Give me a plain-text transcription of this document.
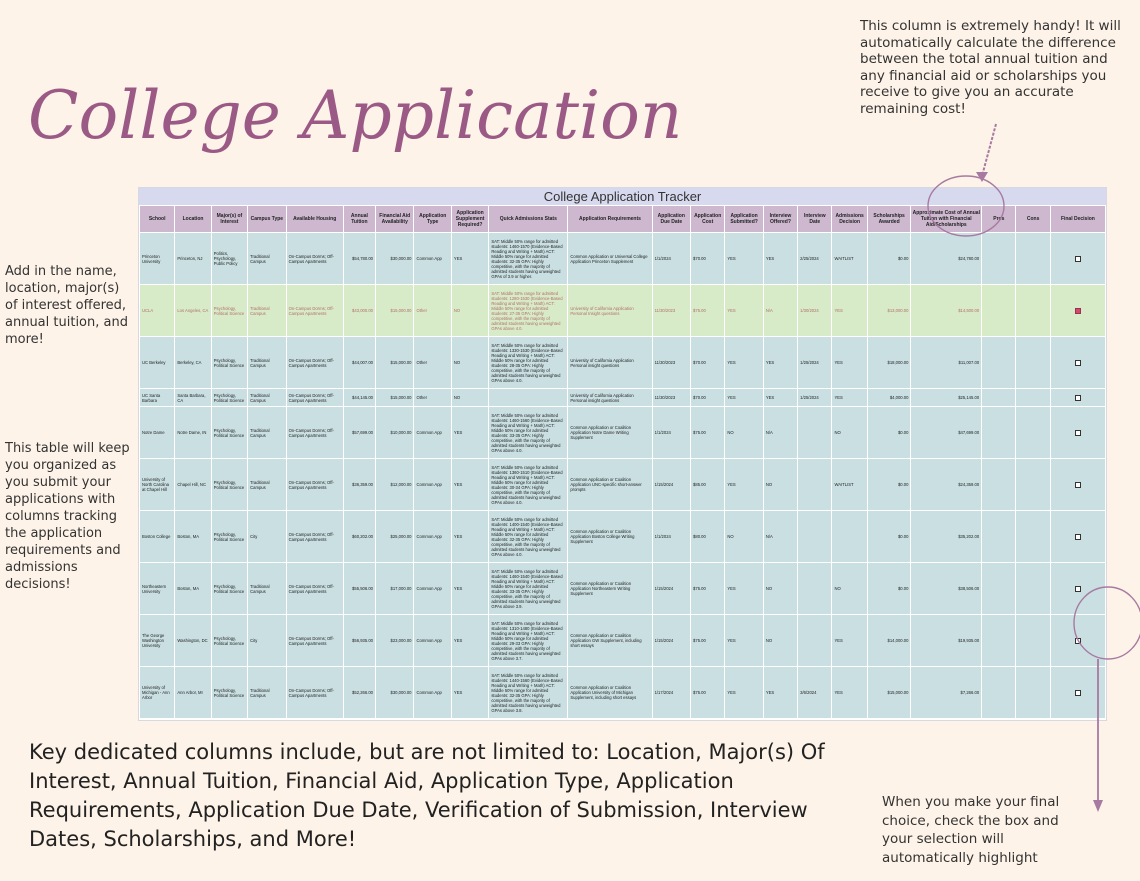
College Application
This column is extremely handy! It will automatically calculate the difference between the total annual tuition and any financial aid or scholarships you receive to give you an accurate remaining cost!
Add in the name, location, major(s) of interest offered, annual tuition, and more!
This table will keep you organized as you submit your applications with columns tracking the application requirements and admissions decisions!
Key dedicated columns include, but are not limited to: Location, Major(s) Of Interest, Annual Tuition, Financial Aid, Application Type, Application Requirements, Application Due Date, Verification of Submission, Interview Dates, Scholarships, and More!
When you make your final choice, check the box and your selection will automatically highlight
College Application Tracker
School	Location	Major(s) of Interest	Campus Type	Available Housing	Annual Tuition	Financial Aid Availability	Application Type	Application Supplement Required?	Quick Admissions Stats	Application Requirements	Application Due Date	Application Cost	Application Submitted?	Interview Offered?	Interview Date	Admissions Decision	Scholarships Awarded	Approximate Cost of Annual Tuition with Financial Aid/Scholarships	Pros	Cons	Final Decision
Princeton University	Princeton, NJ	Politics, Psychology, Public Policy	Traditional Campus	On-Campus Dorms; Off-Campus Apartments	$54,780.00	$30,000.00	Common App	YES	SAT: Middle 50% range for admitted students: 1460-1570 (Evidence-Based Reading and Writing + Math) ACT: Middle 50% range for admitted students: 32-35 GPA: Highly competitive, with the majority of admitted students having unweighted GPAs of 3.9 or higher.	Common Application or Universal College Application Princeton Supplement	1/1/2024	$70.00	YES	YES	2/25/2024	WAITLIST	$0.00	$24,780.00			

UCLA	Los Angeles, CA	Psychology, Political Science	Traditional Campus	On-Campus Dorms; Off-Campus Apartments	$43,000.00	$15,000.00	Other	NO	SAT: Middle 50% range for admitted students: 1280-1530 (Evidence-Based Reading and Writing + Math) ACT: Middle 50% range for admitted students: 27-35 GPA: Highly competitive, with the majority of admitted students having unweighted GPAs above 4.0.	University of California Application Personal Insight questions	11/30/2023	$75.00	YES	N/A	1/30/2024	YES	$13,000.00	$14,500.00			

UC Berkeley	Berkeley, CA	Psychology, Political Science	Traditional Campus	On-Campus Dorms; Off-Campus Apartments	$44,007.00	$15,000.00	Other	NO	SAT: Middle 50% range for admitted students: 1330-1530 (Evidence-Based Reading and Writing + Math) ACT: Middle 50% range for admitted students: 28-35 GPA: Highly competitive, with the majority of admitted students having unweighted GPAs above 4.0.	University of California Application Personal insight questions	11/30/2023	$70.00	YES	YES	1/25/2024	YES	$18,000.00	$11,007.00			

UC Santa Barbara	Santa Barbara, CA	Psychology, Political Science	Traditional Campus	On-Campus Dorms; Off-Campus Apartments	$44,145.00	$15,000.00	Other	NO		University of California Application Personal insight questions	11/30/2023	$70.00	YES	YES	1/25/2024	YES	$4,000.00	$25,145.00			

Notre Dame	Notre Dame, IN	Psychology, Political Science	Traditional Campus	On-Campus Dorms; Off-Campus Apartments	$57,699.00	$10,000.00	Common App	YES	SAT: Middle 50% range for admitted students: 1460-1560 (Evidence-Based Reading and Writing + Math) ACT: Middle 50% range for admitted students: 33-35 GPA: Highly competitive, with the majority of admitted students having unweighted GPAs above 4.0.	Common Application or Coalition Application Notre Dame Writing Supplement	1/1/2024	$75.00	NO	N/A		NO	$0.00	$47,699.00			

University of North Carolina at Chapel Hill	Chapel Hill, NC	Psychology, Political Science	Traditional Campus	On-Campus Dorms; Off-Campus Apartments	$36,359.00	$12,000.00	Common App	YES	SAT: Middle 50% range for admitted students: 1360-1510 (Evidence-Based Reading and Writing + Math) ACT: Middle 50% range for admitted students: 30-34 GPA: Highly competitive, with the majority of admitted students having unweighted GPAs above 4.0.	Common Application or Coalition Application UNC-specific short-answer prompts	1/15/2024	$85.00	YES	NO		WAITLIST	$0.00	$24,359.00			

Boston College	Boston, MA	Psychology, Political Science	City	On-Campus Dorms; Off-Campus Apartments	$60,202.00	$25,000.00	Common App	YES	SAT: Middle 50% range for admitted students: 1400-1540 (Evidence-Based Reading and Writing + Math) ACT: Middle 50% range for admitted students: 32-35 GPA: Highly competitive, with the majority of admitted students having unweighted GPAs above 4.0.	Common Application or Coalition Application Boston College Writing Supplement	1/1/2024	$80.00	NO	N/A			$0.00	$35,202.00			

Northeastern University	Boston, MA	Psychology, Political Science	Traditional Campus	On-Campus Dorms; Off-Campus Apartments	$55,506.00	$17,000.00	Common App	YES	SAT: Middle 50% range for admitted students: 1460-1540 (Evidence-Based Reading and Writing + Math) ACT: Middle 50% range for admitted students: 33-35 GPA: Highly competitive, with the majority of admitted students having unweighted GPAs above 3.9.	Common Application or Coalition Application Northeastern Writing Supplement	1/15/2024	$75.00	YES	NO		NO	$0.00	$38,506.00			

The George Washington University	Washington, DC	Psychology, Political Science	City	On-Campus Dorms; Off-Campus Apartments	$56,935.00	$23,000.00	Common App	YES	SAT: Middle 50% range for admitted students: 1310-1480 (Evidence-Based Reading and Writing + Math) ACT: Middle 50% range for admitted students: 29-33 GPA: Highly competitive, with the majority of admitted students having unweighted GPAs above 3.7.	Common Application or Coalition Application GW Supplement, including short essays	1/15/2024	$75.00	YES	NO		YES	$14,000.00	$19,935.00			

University of Michigan - Ann Arbor	Ann Arbor, MI	Psychology, Political Science	Traditional Campus	On-Campus Dorms; Off-Campus Apartments	$52,266.00	$30,000.00	Common App	YES	SAT: Middle 50% range for admitted students: 1440-1560 (Evidence-Based Reading and Writing + Math) ACT: Middle 50% range for admitted students: 32-35 GPA: Highly competitive, with the majority of admitted students having unweighted GPAs above 3.8.	Common Application or Coalition Application University of Michigan Supplement, including short essays	1/17/2024	$75.00	YES	YES	3/6/2024	YES	$15,000.00	$7,266.00			
